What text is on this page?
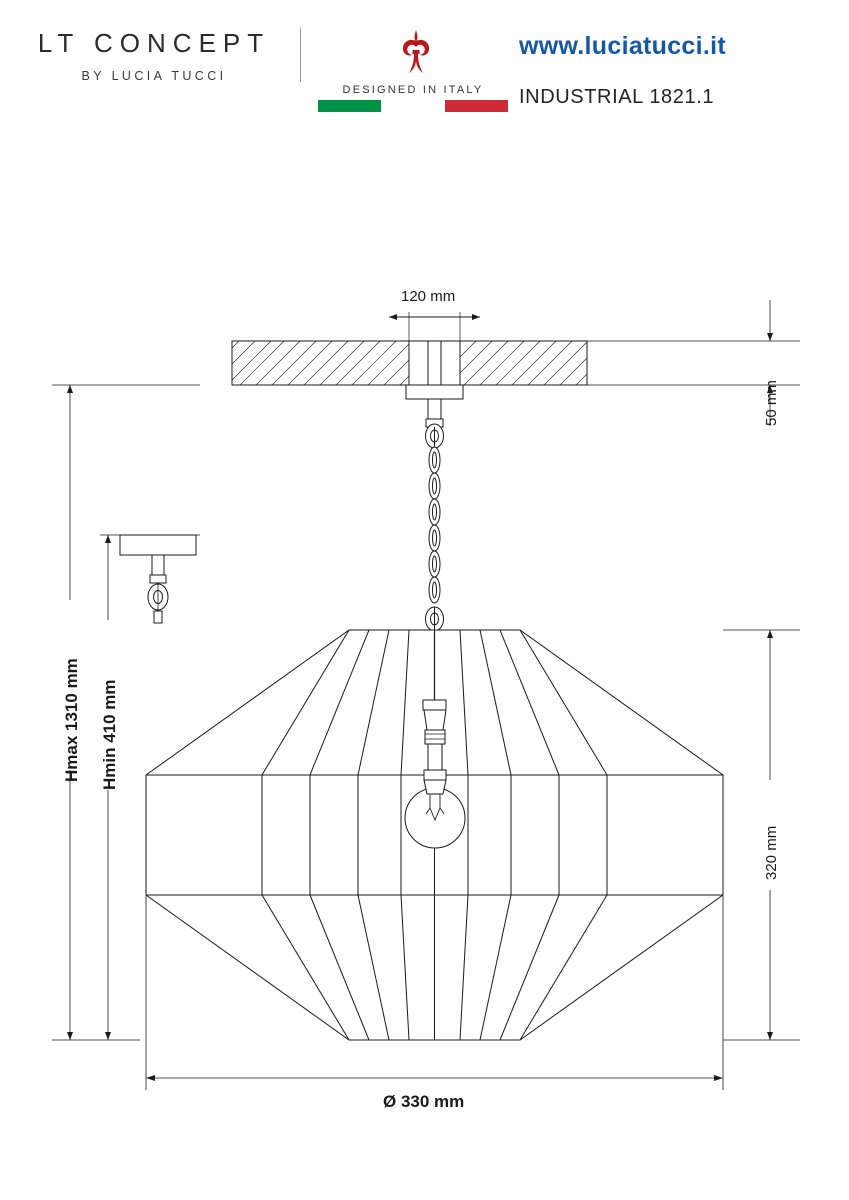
LT CONCEPT
BY LUCIA TUCCI
DESIGNED IN ITALY
www.luciatucci.it
INDUSTRIAL 1821.1
120 mm
50 mm
320 mm
Hmax 1310 mm Hmin 410 mm
Ø 330 mm
